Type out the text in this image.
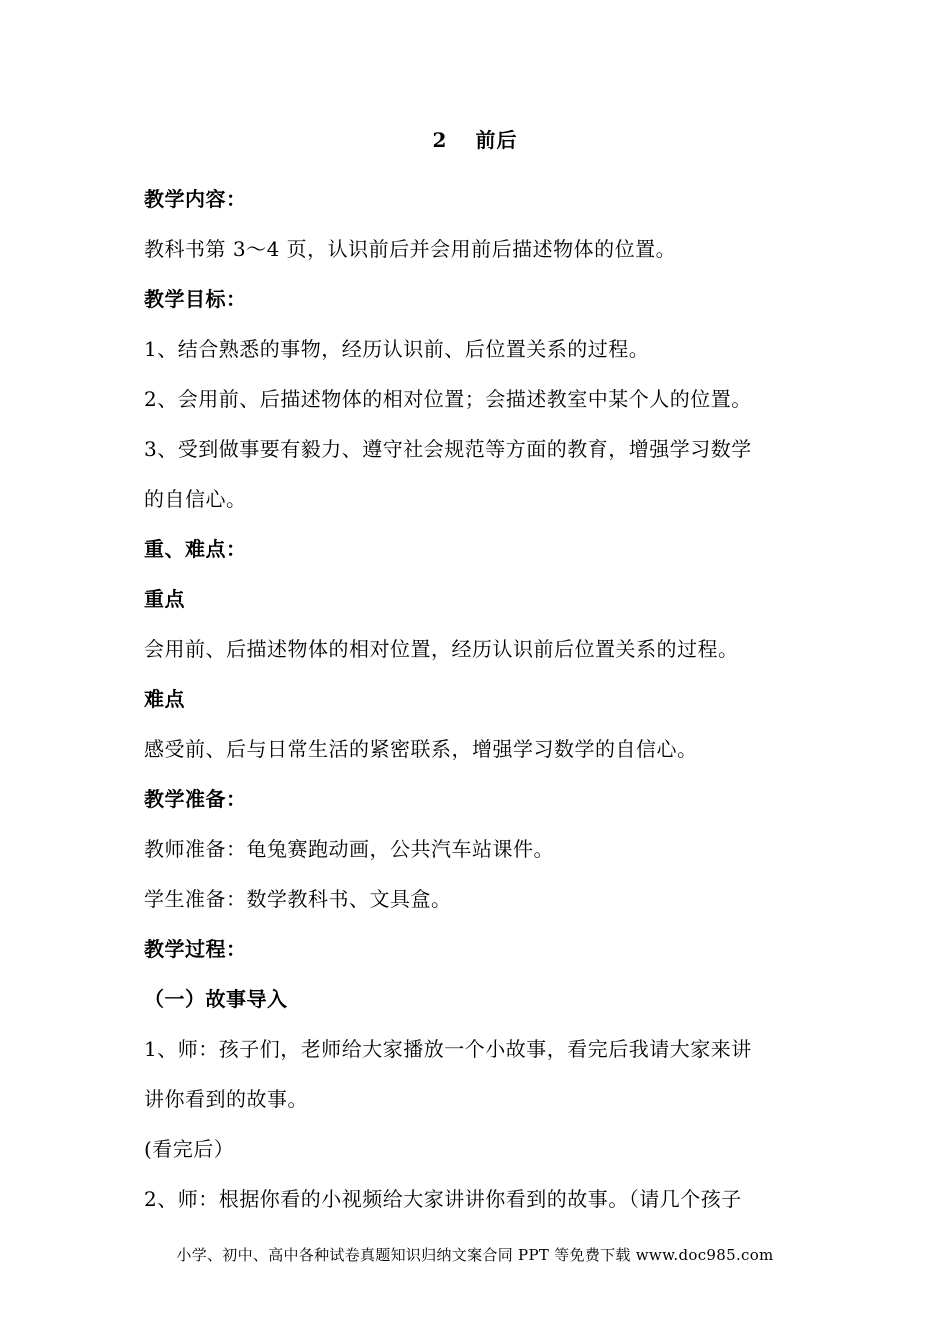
2 前后
教学内容：
教科书第 3～4 页，认识前后并会用前后描述物体的位置。
教学目标：
1、结合熟悉的事物，经历认识前、后位置关系的过程。
2、会用前、后描述物体的相对位置；会描述教室中某个人的位置。
3、受到做事要有毅力、遵守社会规范等方面的教育，增强学习数学
的自信心。
重、难点：
重点
会用前、后描述物体的相对位置，经历认识前后位置关系的过程。
难点
感受前、后与日常生活的紧密联系，增强学习数学的自信心。
教学准备：
教师准备：龟兔赛跑动画，公共汽车站课件。
学生准备：数学教科书、文具盒。
教学过程：
（一）故事导入
1、师：孩子们，老师给大家播放一个小故事，看完后我请大家来讲
讲你看到的故事。
(看完后）
2、师：根据你看的小视频给大家讲讲你看到的故事。（请几个孩子
小学、初中、高中各种试卷真题知识归纳文案合同 PPT 等免费下载 www.doc985.com
